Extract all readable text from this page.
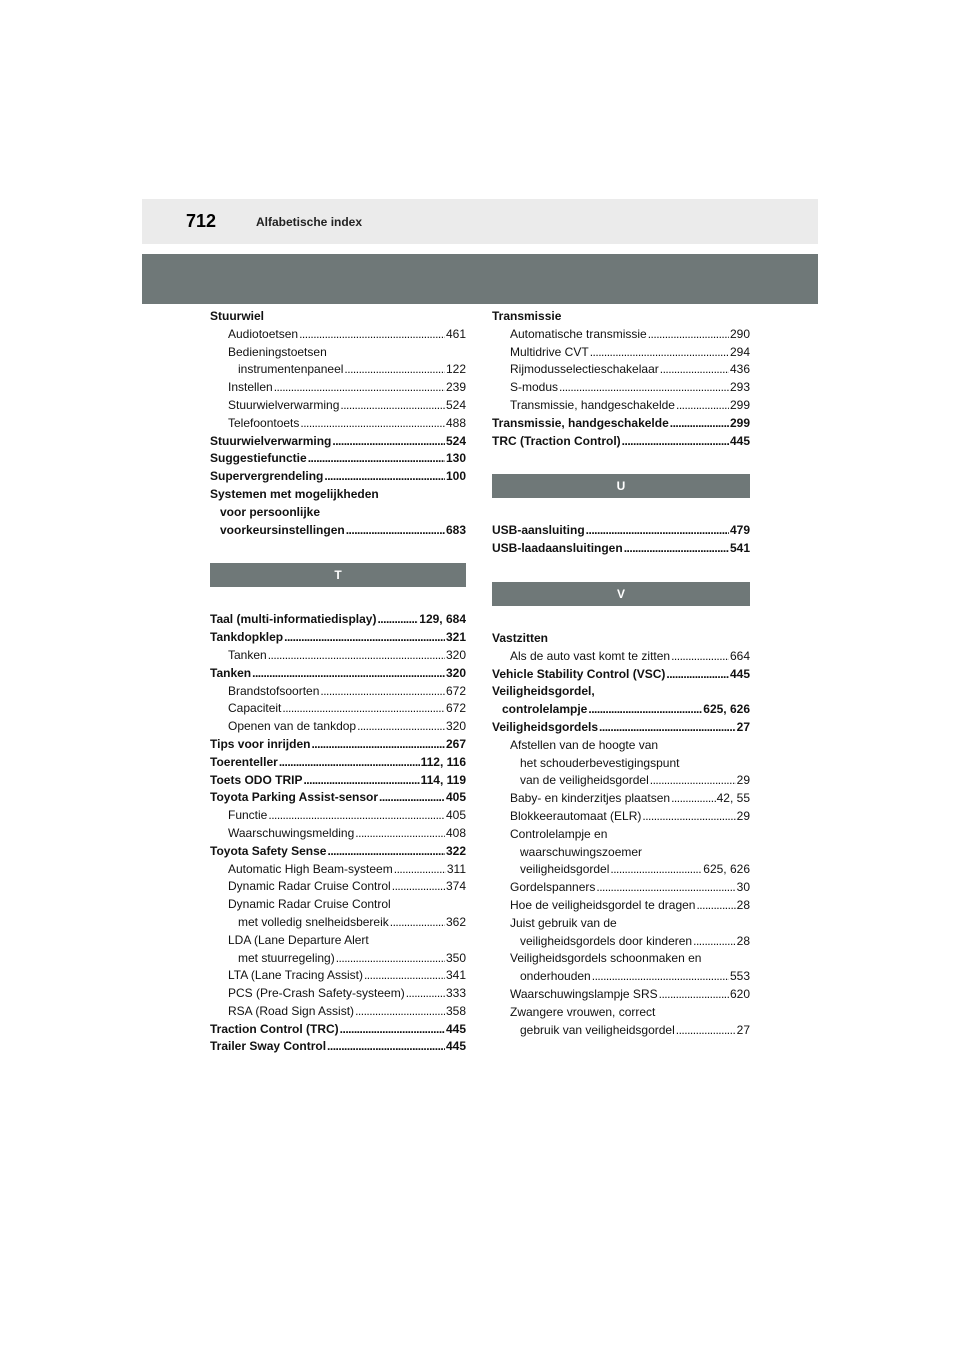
712	Alfabetische index
Stuurwiel
Audiotoetsen .....	461
Bedieningstoetsen
instrumentenpaneel .....	122
Instellen .....	239
Stuurwielverwarming .....	524
Telefoontoets .....	488
Stuurwielverwarming .....	524
Suggestiefunctie .....	130
Supervergrendeling .....	100
Systemen met mogelijkheden
voor persoonlijke
voorkeursinstellingen .....	683
T
Taal (multi-informatiedisplay) .....	129, 684
Tankdopklep .....	321
Tanken .....	320
Tanken .....	320
Brandstofsoorten .....	672
Capaciteit .....	672
Openen van de tankdop .....	320
Tips voor inrijden .....	267
Toerenteller .....	112, 116
Toets ODO TRIP .....	114, 119
Toyota Parking Assist-sensor .....	405
Functie .....	405
Waarschuwingsmelding .....	408
Toyota Safety Sense .....	322
Automatic High Beam-systeem .....	311
Dynamic Radar Cruise Control .....	374
Dynamic Radar Cruise Control
met volledig snelheidsbereik .....	362
LDA (Lane Departure Alert
met stuurregeling) .....	350
LTA (Lane Tracing Assist) .....	341
PCS (Pre-Crash Safety-systeem) .....	333
RSA (Road Sign Assist) .....	358
Traction Control (TRC) .....	445
Trailer Sway Control .....	445
Transmissie
Automatische transmissie .....	290
Multidrive CVT .....	294
Rijmodusselectieschakelaar .....	436
S-modus .....	293
Transmissie, handgeschakelde .....	299
Transmissie, handgeschakelde .....	299
TRC (Traction Control) .....	445
U
USB-aansluiting .....	479
USB-laadaansluitingen .....	541
V
Vastzitten
Als de auto vast komt te zitten .....	664
Vehicle Stability Control (VSC) .....	445
Veiligheidsgordel,
controlelampje .....	625, 626
Veiligheidsgordels .....	27
Afstellen van de hoogte van
het schouderbevestigingspunt
van de veiligheidsgordel .....	29
Baby- en kinderzitjes plaatsen .....	42, 55
Blokkeerautomaat (ELR) .....	29
Controlelampje en
waarschuwingszoemer
veiligheidsgordel .....	625, 626
Gordelspanners .....	30
Hoe de veiligheidsgordel te dragen .....	28
Juist gebruik van de
veiligheidsgordels door kinderen .....	28
Veiligheidsgordels schoonmaken en
onderhouden .....	553
Waarschuwingslampje SRS .....	620
Zwangere vrouwen, correct
gebruik van veiligheidsgordel .....	27
